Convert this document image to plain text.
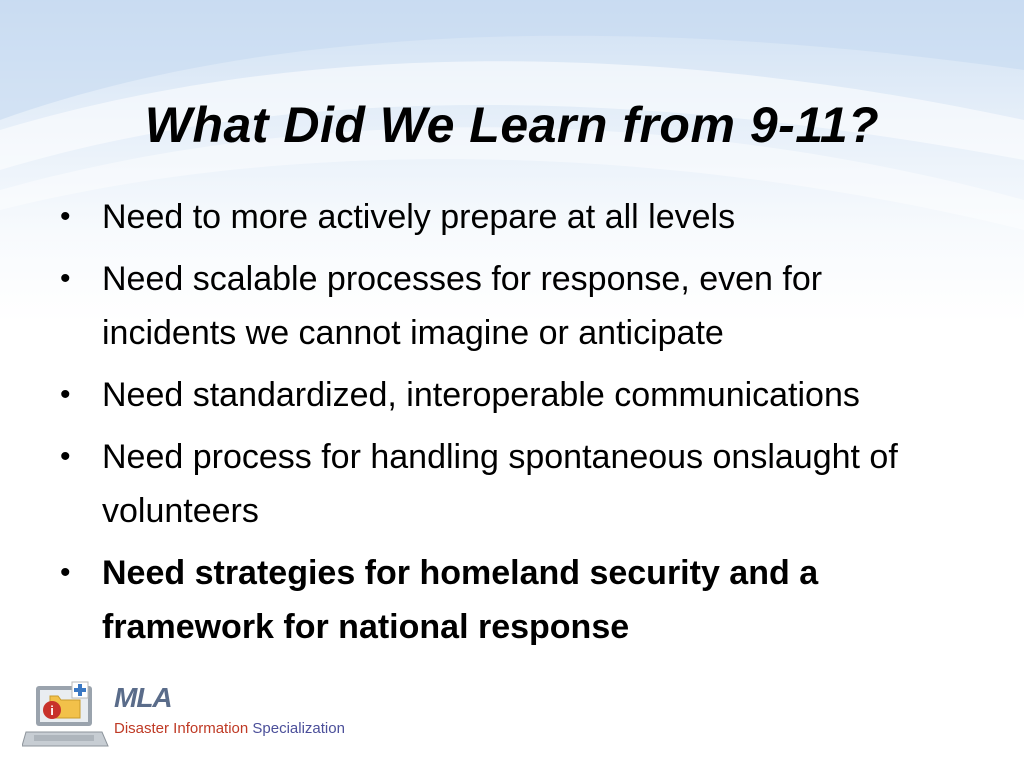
What Did We Learn from 9-11?
• Need to more actively prepare at all levels
• Need scalable processes for response, even for incidents we cannot imagine or anticipate
• Need standardized, interoperable communications
• Need process for handling spontaneous onslaught of volunteers
• Need strategies for homeland security and a framework for national response
i MLA
Disaster Information Specialization
